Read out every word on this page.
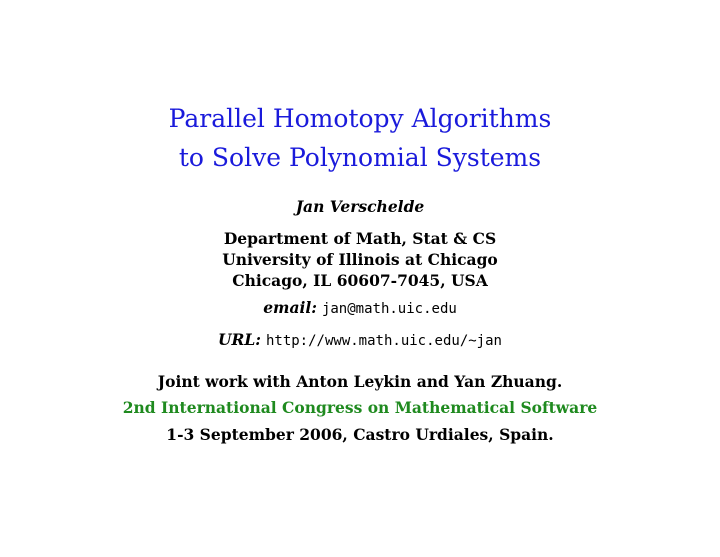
Parallel Homotopy Algorithms
to Solve Polynomial Systems
Jan Verschelde
Department of Math, Stat & CS
University of Illinois at Chicago
Chicago, IL 60607-7045, USA
email: jan@math.uic.edu
URL: http://www.math.uic.edu/~jan
Joint work with Anton Leykin and Yan Zhuang.
2nd International Congress on Mathematical Software
1-3 September 2006, Castro Urdiales, Spain.
